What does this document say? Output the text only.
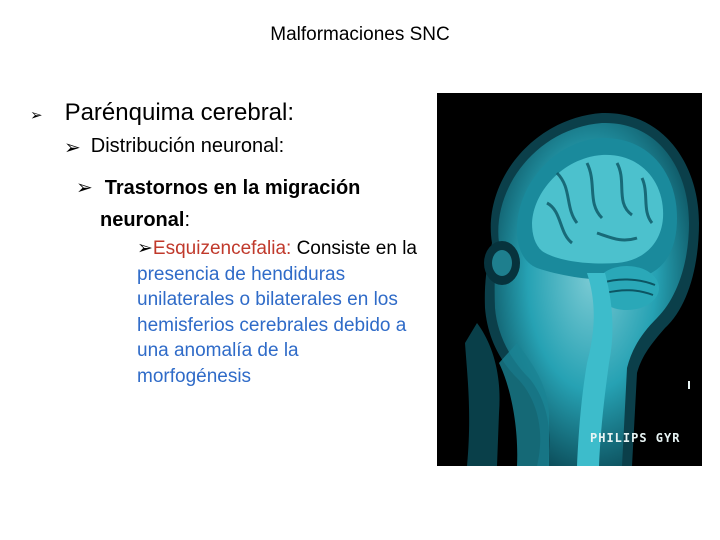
Malformaciones SNC
➢ Parénquima cerebral:
➢ Distribución neuronal:
➢ Trastornos en la migración neuronal:
➢Esquizencefalia: Consiste en la presencia de hendiduras unilaterales o bilaterales en los hemisferios cerebrales debido a una anomalía de la morfogénesis
PHILIPS GYR
